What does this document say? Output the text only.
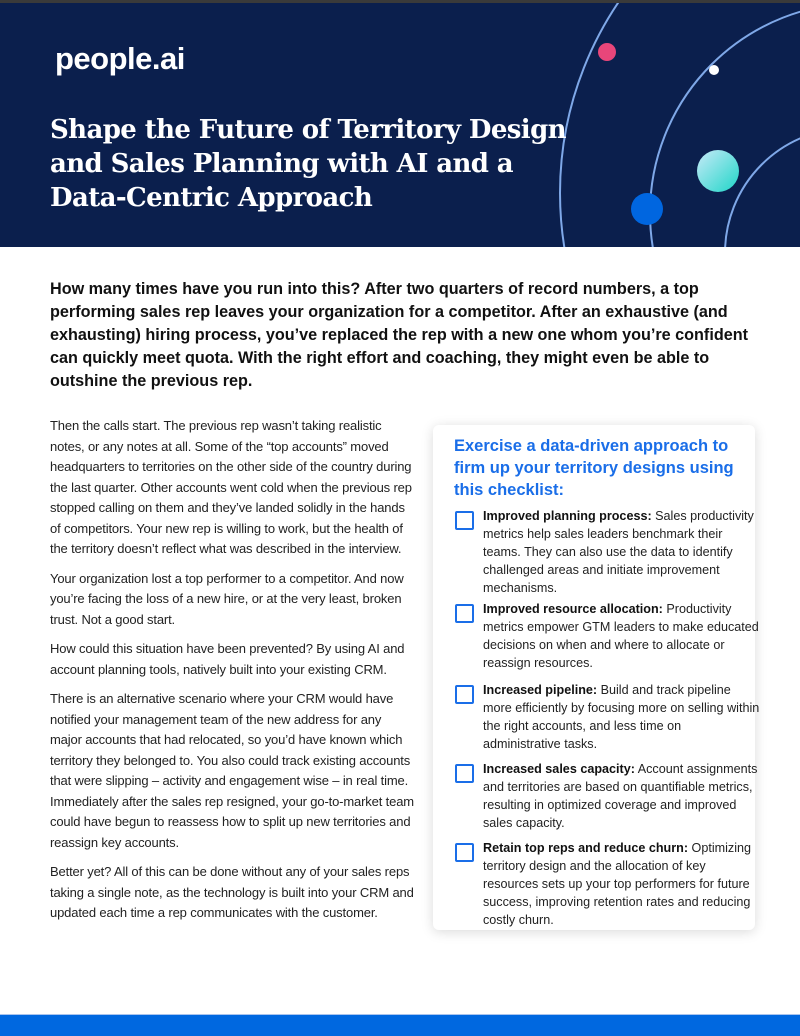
people.ai
Shape the Future of Territory Design and Sales Planning with AI and a Data-Centric Approach
How many times have you run into this? After two quarters of record numbers, a top performing sales rep leaves your organization for a competitor. After an exhaustive (and exhausting) hiring process, you’ve replaced the rep with a new one whom you’re confident can quickly meet quota. With the right effort and coaching, they might even be able to outshine the previous rep.

Then the calls start. The previous rep wasn’t taking realistic notes, or any notes at all. Some of the “top accounts” moved headquarters to territories on the other side of the country during the last quarter. Other accounts went cold when the previous rep stopped calling on them and they’ve landed solidly in the hands of competitors. Your new rep is willing to work, but the health of the territory doesn’t reflect what was described in the interview.

Your organization lost a top performer to a competitor. And now you’re facing the loss of a new hire, or at the very least, broken trust. Not a good start.

How could this situation have been prevented? By using AI and account planning tools, natively built into your existing CRM.

There is an alternative scenario where your CRM would have notified your management team of the new address for any major accounts that had relocated, so you’d have known which territory they belonged to. You also could track existing accounts that were slipping – activity and engagement wise – in real time. Immediately after the sales rep resigned, your go-to-market team could have begun to reassess how to split up new territories and reassign key accounts.

Better yet? All of this can be done without any of your sales reps taking a single note, as the technology is built into your CRM and updated each time a rep communicates with the customer.

Exercise a data-driven approach to firm up your territory designs using this checklist:
Improved planning process: Sales productivity metrics help sales leaders benchmark their teams. They can also use the data to identify challenged areas and initiate improvement mechanisms.
Improved resource allocation: Productivity metrics empower GTM leaders to make educated decisions on when and where to allocate or reassign resources.
Increased pipeline: Build and track pipeline more efficiently by focusing more on selling within the right accounts, and less time on administrative tasks.
Increased sales capacity: Account assignments and territories are based on quantifiable metrics, resulting in optimized coverage and improved sales capacity.
Retain top reps and reduce churn: Optimizing territory design and the allocation of key resources sets up your top performers for future success, improving retention rates and reducing costly churn.
